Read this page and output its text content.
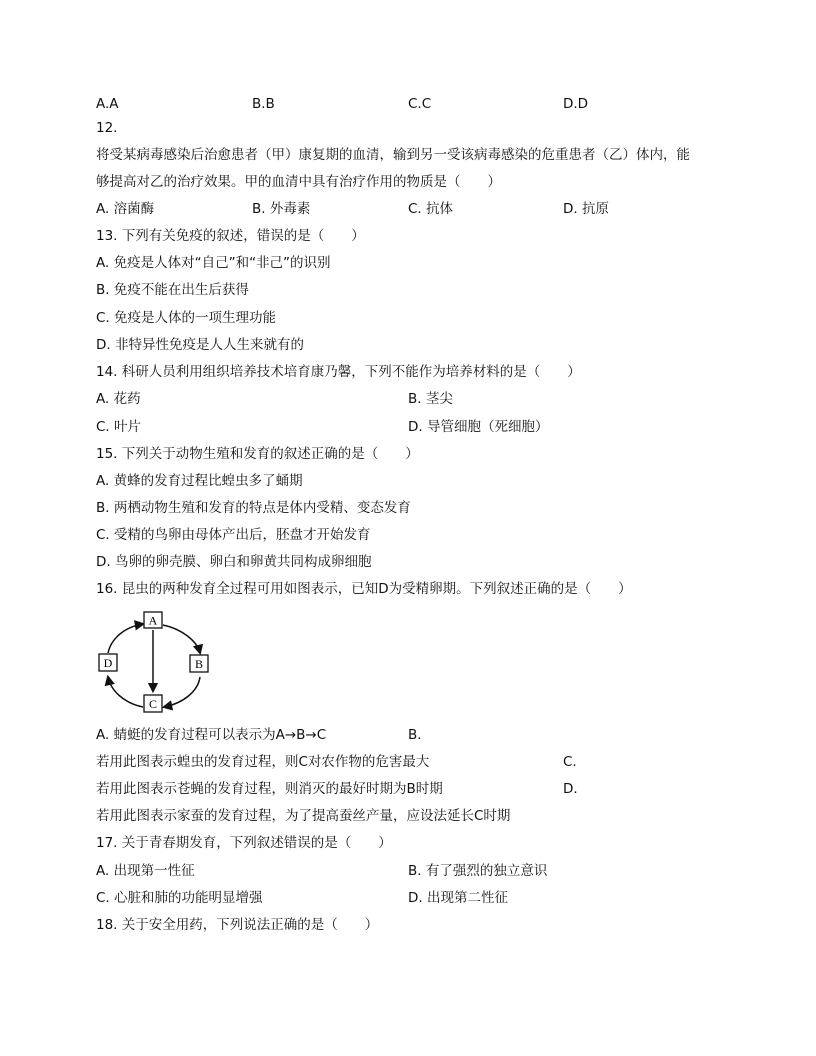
A.A	B.B	C.C	D.D
12.
将受某病毒感染后治愈患者（甲）康复期的血清，输到另一受该病毒感染的危重患者（乙）体内，能
够提高对乙的治疗效果。甲的血清中具有治疗作用的物质是（　　）
A. 溶菌酶	B. 外毒素	C. 抗体	D. 抗原
13. 下列有关免疫的叙述，错误的是（　　）
A. 免疫是人体对“自己”和“非己”的识别
B. 免疫不能在出生后获得
C. 免疫是人体的一项生理功能
D. 非特异性免疫是人人生来就有的
14. 科研人员利用组织培养技术培育康乃馨，下列不能作为培养材料的是（　　）
A. 花药	B. 茎尖
C. 叶片	D. 导管细胞（死细胞）
15. 下列关于动物生殖和发育的叙述正确的是（　　）
A. 黄蜂的发育过程比蝗虫多了蛹期
B. 两栖动物生殖和发育的特点是体内受精、变态发育
C. 受精的鸟卵由母体产出后，胚盘才开始发育
D. 鸟卵的卵壳膜、卵白和卵黄共同构成卵细胞
16. 昆虫的两种发育全过程可用如图表示，已知D为受精卵期。下列叙述正确的是（　　）
A
B
C
D
A. 蜻蜓的发育过程可以表示为A→B→C	B.
若用此图表示蝗虫的发育过程，则C对农作物的危害最大	C.
若用此图表示苍蝇的发育过程，则消灭的最好时期为B时期	D.
若用此图表示家蚕的发育过程，为了提高蚕丝产量，应设法延长C时期
17. 关于青春期发育，下列叙述错误的是（　　）
A. 出现第一性征	B. 有了强烈的独立意识
C. 心脏和肺的功能明显增强	D. 出现第二性征
18. 关于安全用药，下列说法正确的是（　　）
